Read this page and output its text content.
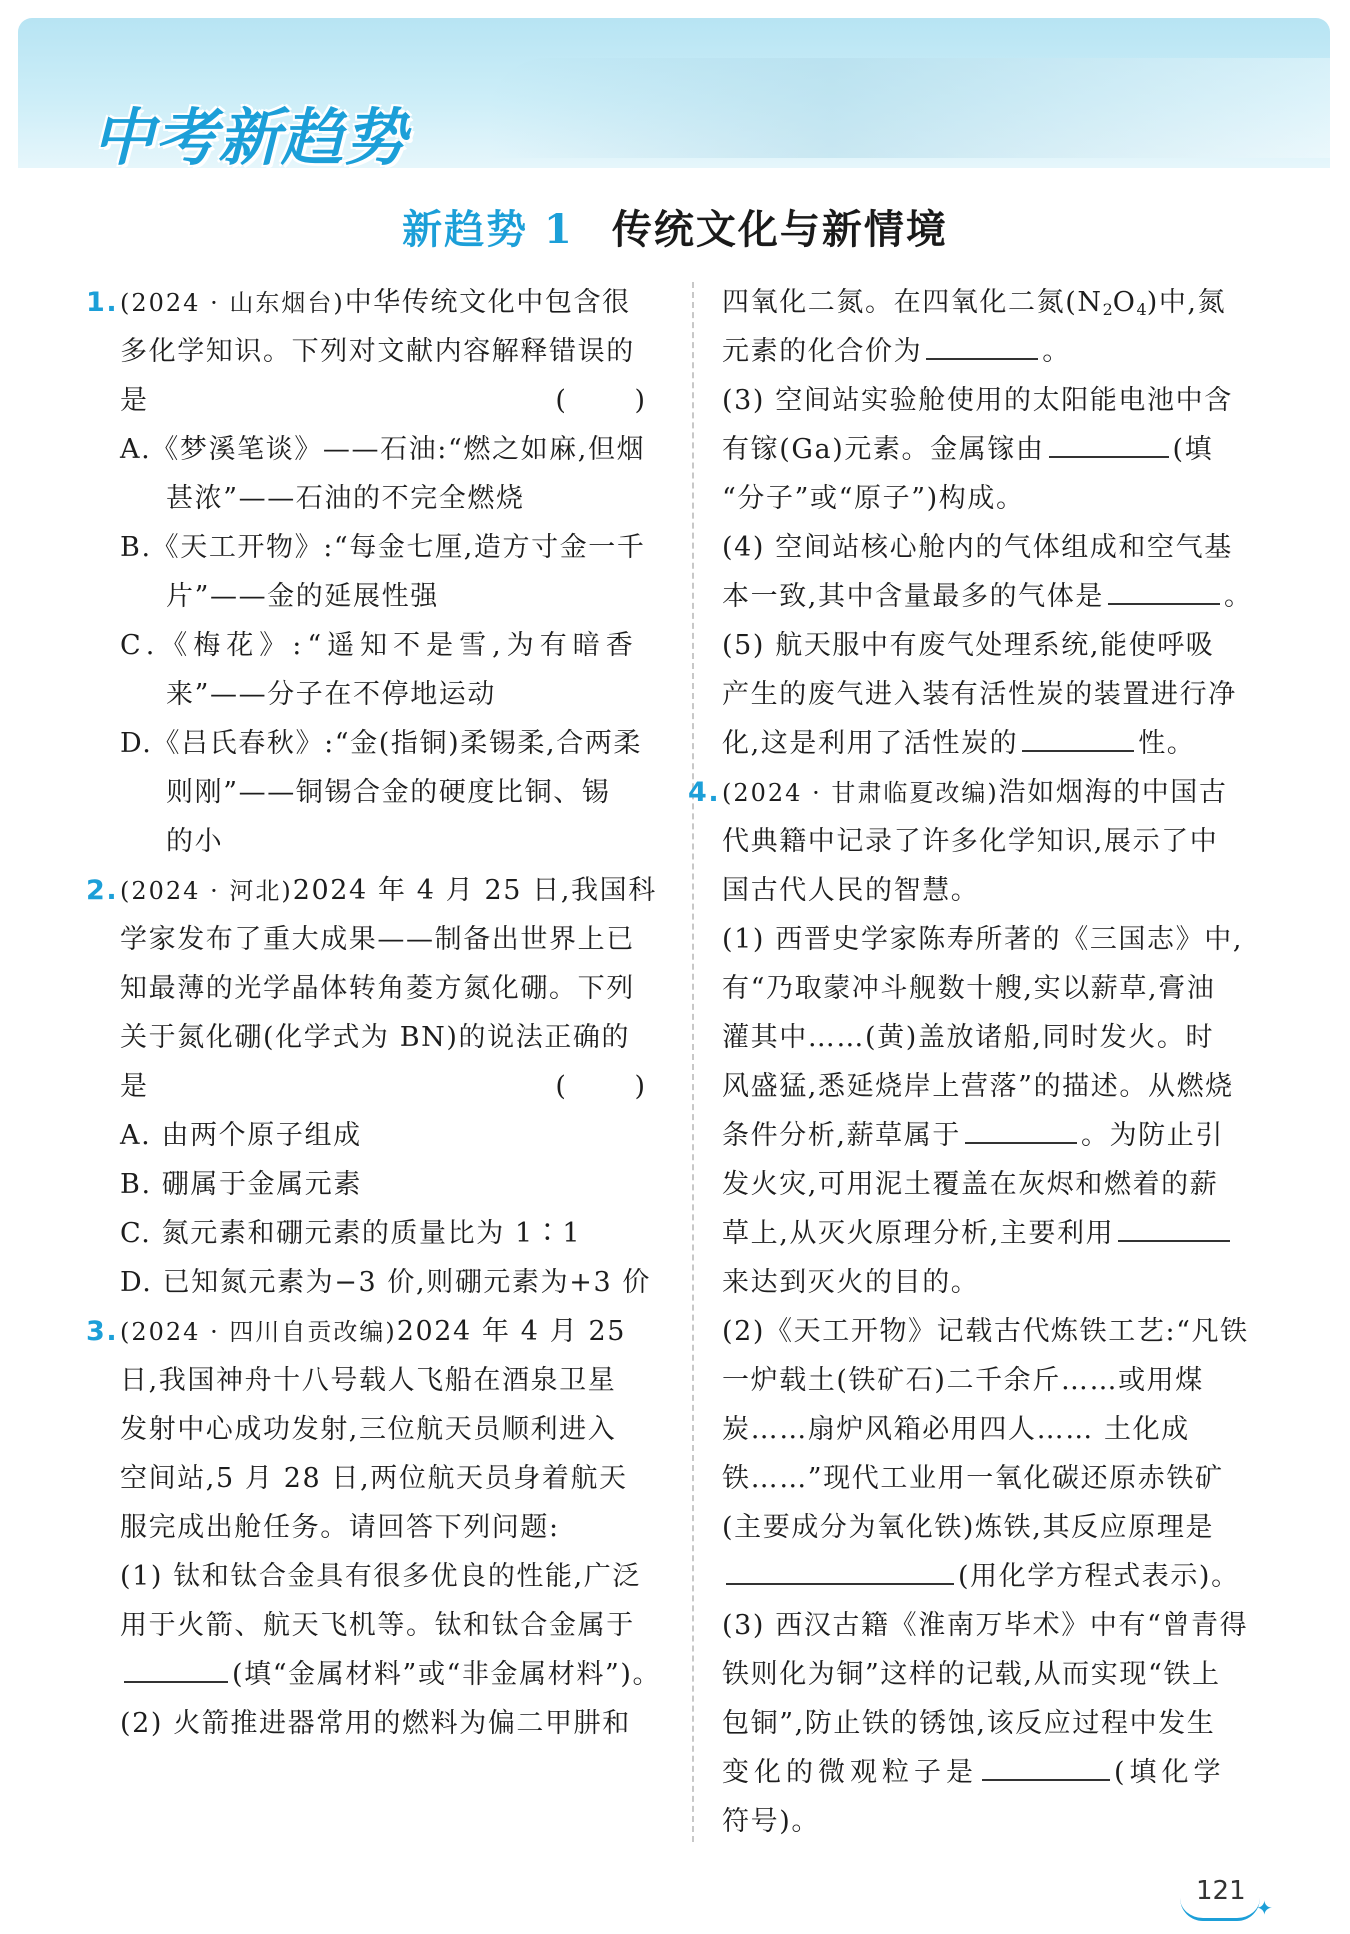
中考新趋势
新趋势 1 传统文化与新情境
1.(2024 · 山东烟台)中华传统文化中包含很
多化学知识。下列对文献内容解释错误的
是	( )
A.《梦溪笔谈》——石油:“燃之如麻,但烟
甚浓”——石油的不完全燃烧
B.《天工开物》:“每金七厘,造方寸金一千
片”——金的延展性强
C.《梅花》:“遥知不是雪,为有暗香
来”——分子在不停地运动
D.《吕氏春秋》:“金(指铜)柔锡柔,合两柔
则刚”——铜锡合金的硬度比铜、锡
的小
2.(2024 · 河北)2024 年 4 月 25 日,我国科
学家发布了重大成果——制备出世界上已
知最薄的光学晶体转角菱方氮化硼。下列
关于氮化硼(化学式为 BN)的说法正确的
是	( )
A. 由两个原子组成
B. 硼属于金属元素
C. 氮元素和硼元素的质量比为 1∶1
D. 已知氮元素为−3 价,则硼元素为+3 价
3.(2024 · 四川自贡改编)2024 年 4 月 25
日,我国神舟十八号载人飞船在酒泉卫星
发射中心成功发射,三位航天员顺利进入
空间站,5 月 28 日,两位航天员身着航天
服完成出舱任务。请回答下列问题:
(1) 钛和钛合金具有很多优良的性能,广泛
用于火箭、航天飞机等。钛和钛合金属于
(填“金属材料”或“非金属材料”)。
(2) 火箭推进器常用的燃料为偏二甲肼和
四氧化二氮。在四氧化二氮$(N_2O_4)$中,氮
元素的化合价为	。
(3) 空间站实验舱使用的太阳能电池中含
有镓(Ga)元素。金属镓由	(填
“分子”或“原子”)构成。
(4) 空间站核心舱内的气体组成和空气基
本一致,其中含量最多的气体是	。
(5) 航天服中有废气处理系统,能使呼吸
产生的废气进入装有活性炭的装置进行净
化,这是利用了活性炭的	性。
4.(2024 · 甘肃临夏改编)浩如烟海的中国古
代典籍中记录了许多化学知识,展示了中
国古代人民的智慧。
(1) 西晋史学家陈寿所著的《三国志》中,
有“乃取蒙冲斗舰数十艘,实以薪草,膏油
灌其中……(黄)盖放诸船,同时发火。时
风盛猛,悉延烧岸上营落”的描述。从燃烧
条件分析,薪草属于	。为防止引
发火灾,可用泥土覆盖在灰烬和燃着的薪
草上,从灭火原理分析,主要利用
来达到灭火的目的。
(2)《天工开物》记载古代炼铁工艺:“凡铁
一炉载土(铁矿石)二千余斤……或用煤
炭……扇炉风箱必用四人…… 土化成
铁……”现代工业用一氧化碳还原赤铁矿
(主要成分为氧化铁)炼铁,其反应原理是
(用化学方程式表示)。
(3) 西汉古籍《淮南万毕术》中有“曾青得
铁则化为铜”这样的记载,从而实现“铁上
包铜”,防止铁的锈蚀,该反应过程中发生
变化的微观粒子是	(填化学
符号)。
121
✦
